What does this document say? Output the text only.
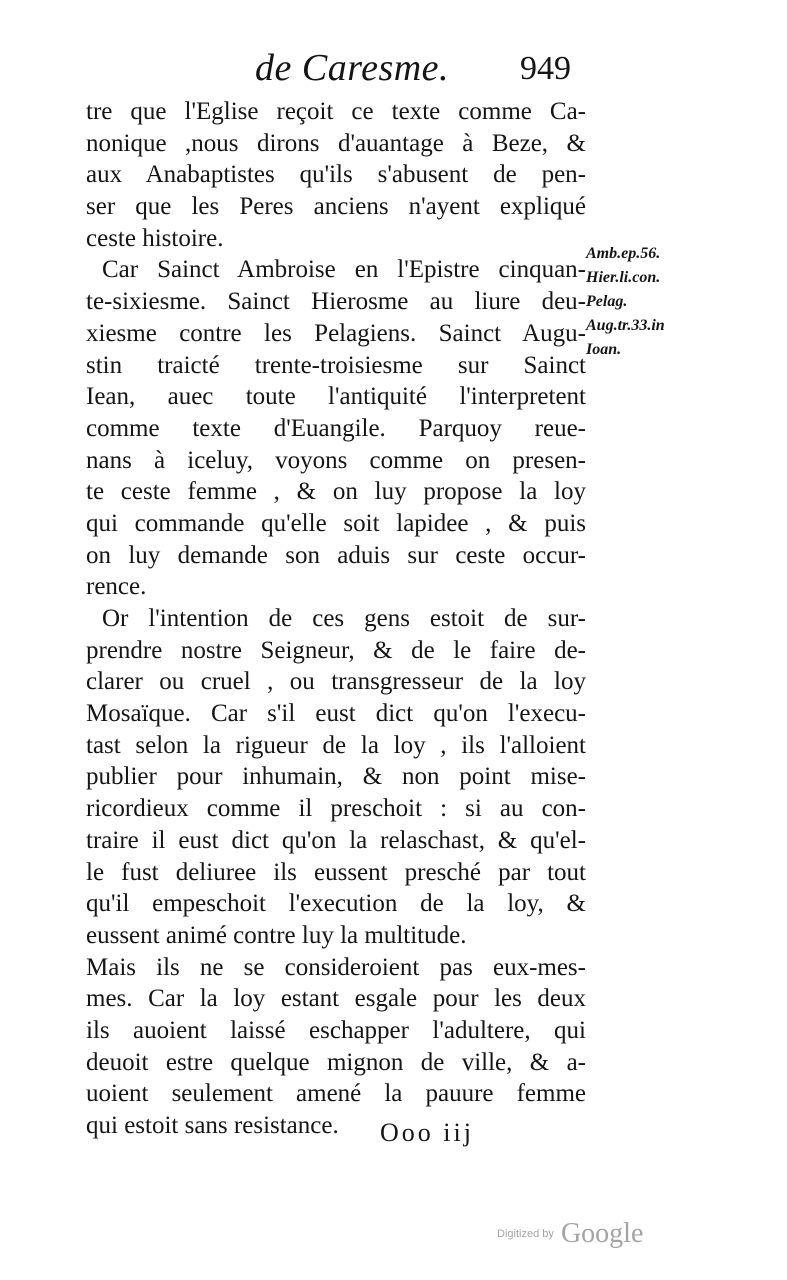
de Caresme. 949
tre que l'Eglise reçoit ce texte comme Ca-
nonique ,nous dirons d'auantage à Beze, &
aux Anabaptistes qu'ils s'abusent de pen-
ser que les Peres anciens n'ayent expliqué
ceste histoire.
Car Sainct Ambroise en l'Epistre cinquan-
te-sixiesme. Sainct Hierosme au liure deu-
xiesme contre les Pelagiens. Sainct Augu-
stin traicté trente-troisiesme sur Sainct
Iean, auec toute l'antiquité l'interpretent
comme texte d'Euangile. Parquoy reue-
nans à iceluy, voyons comme on presen-
te ceste femme , & on luy propose la loy
qui commande qu'elle soit lapidee , & puis
on luy demande son aduis sur ceste occur-
rence.
Or l'intention de ces gens estoit de sur-
prendre nostre Seigneur, & de le faire de-
clarer ou cruel , ou transgresseur de la loy
Mosaïque. Car s'il eust dict qu'on l'execu-
tast selon la rigueur de la loy , ils l'alloient
publier pour inhumain, & non point mise-
ricordieux comme il preschoit : si au con-
traire il eust dict qu'on la relaschast, & qu'el-
le fust deliuree ils eussent presché par tout
qu'il empeschoit l'execution de la loy, &
eussent animé contre luy la multitude.
Mais ils ne se consideroient pas eux-mes-
mes. Car la loy estant esgale pour les deux
ils auoient laissé eschapper l'adultere, qui
deuoit estre quelque mignon de ville, & a-
uoient seulement amené la pauure femme
qui estoit sans resistance.
Amb.ep.56.
Hier.li.con.
Pelag.
Aug.tr.33.in
Ioan.
Ooo iij
Digitized by Google
